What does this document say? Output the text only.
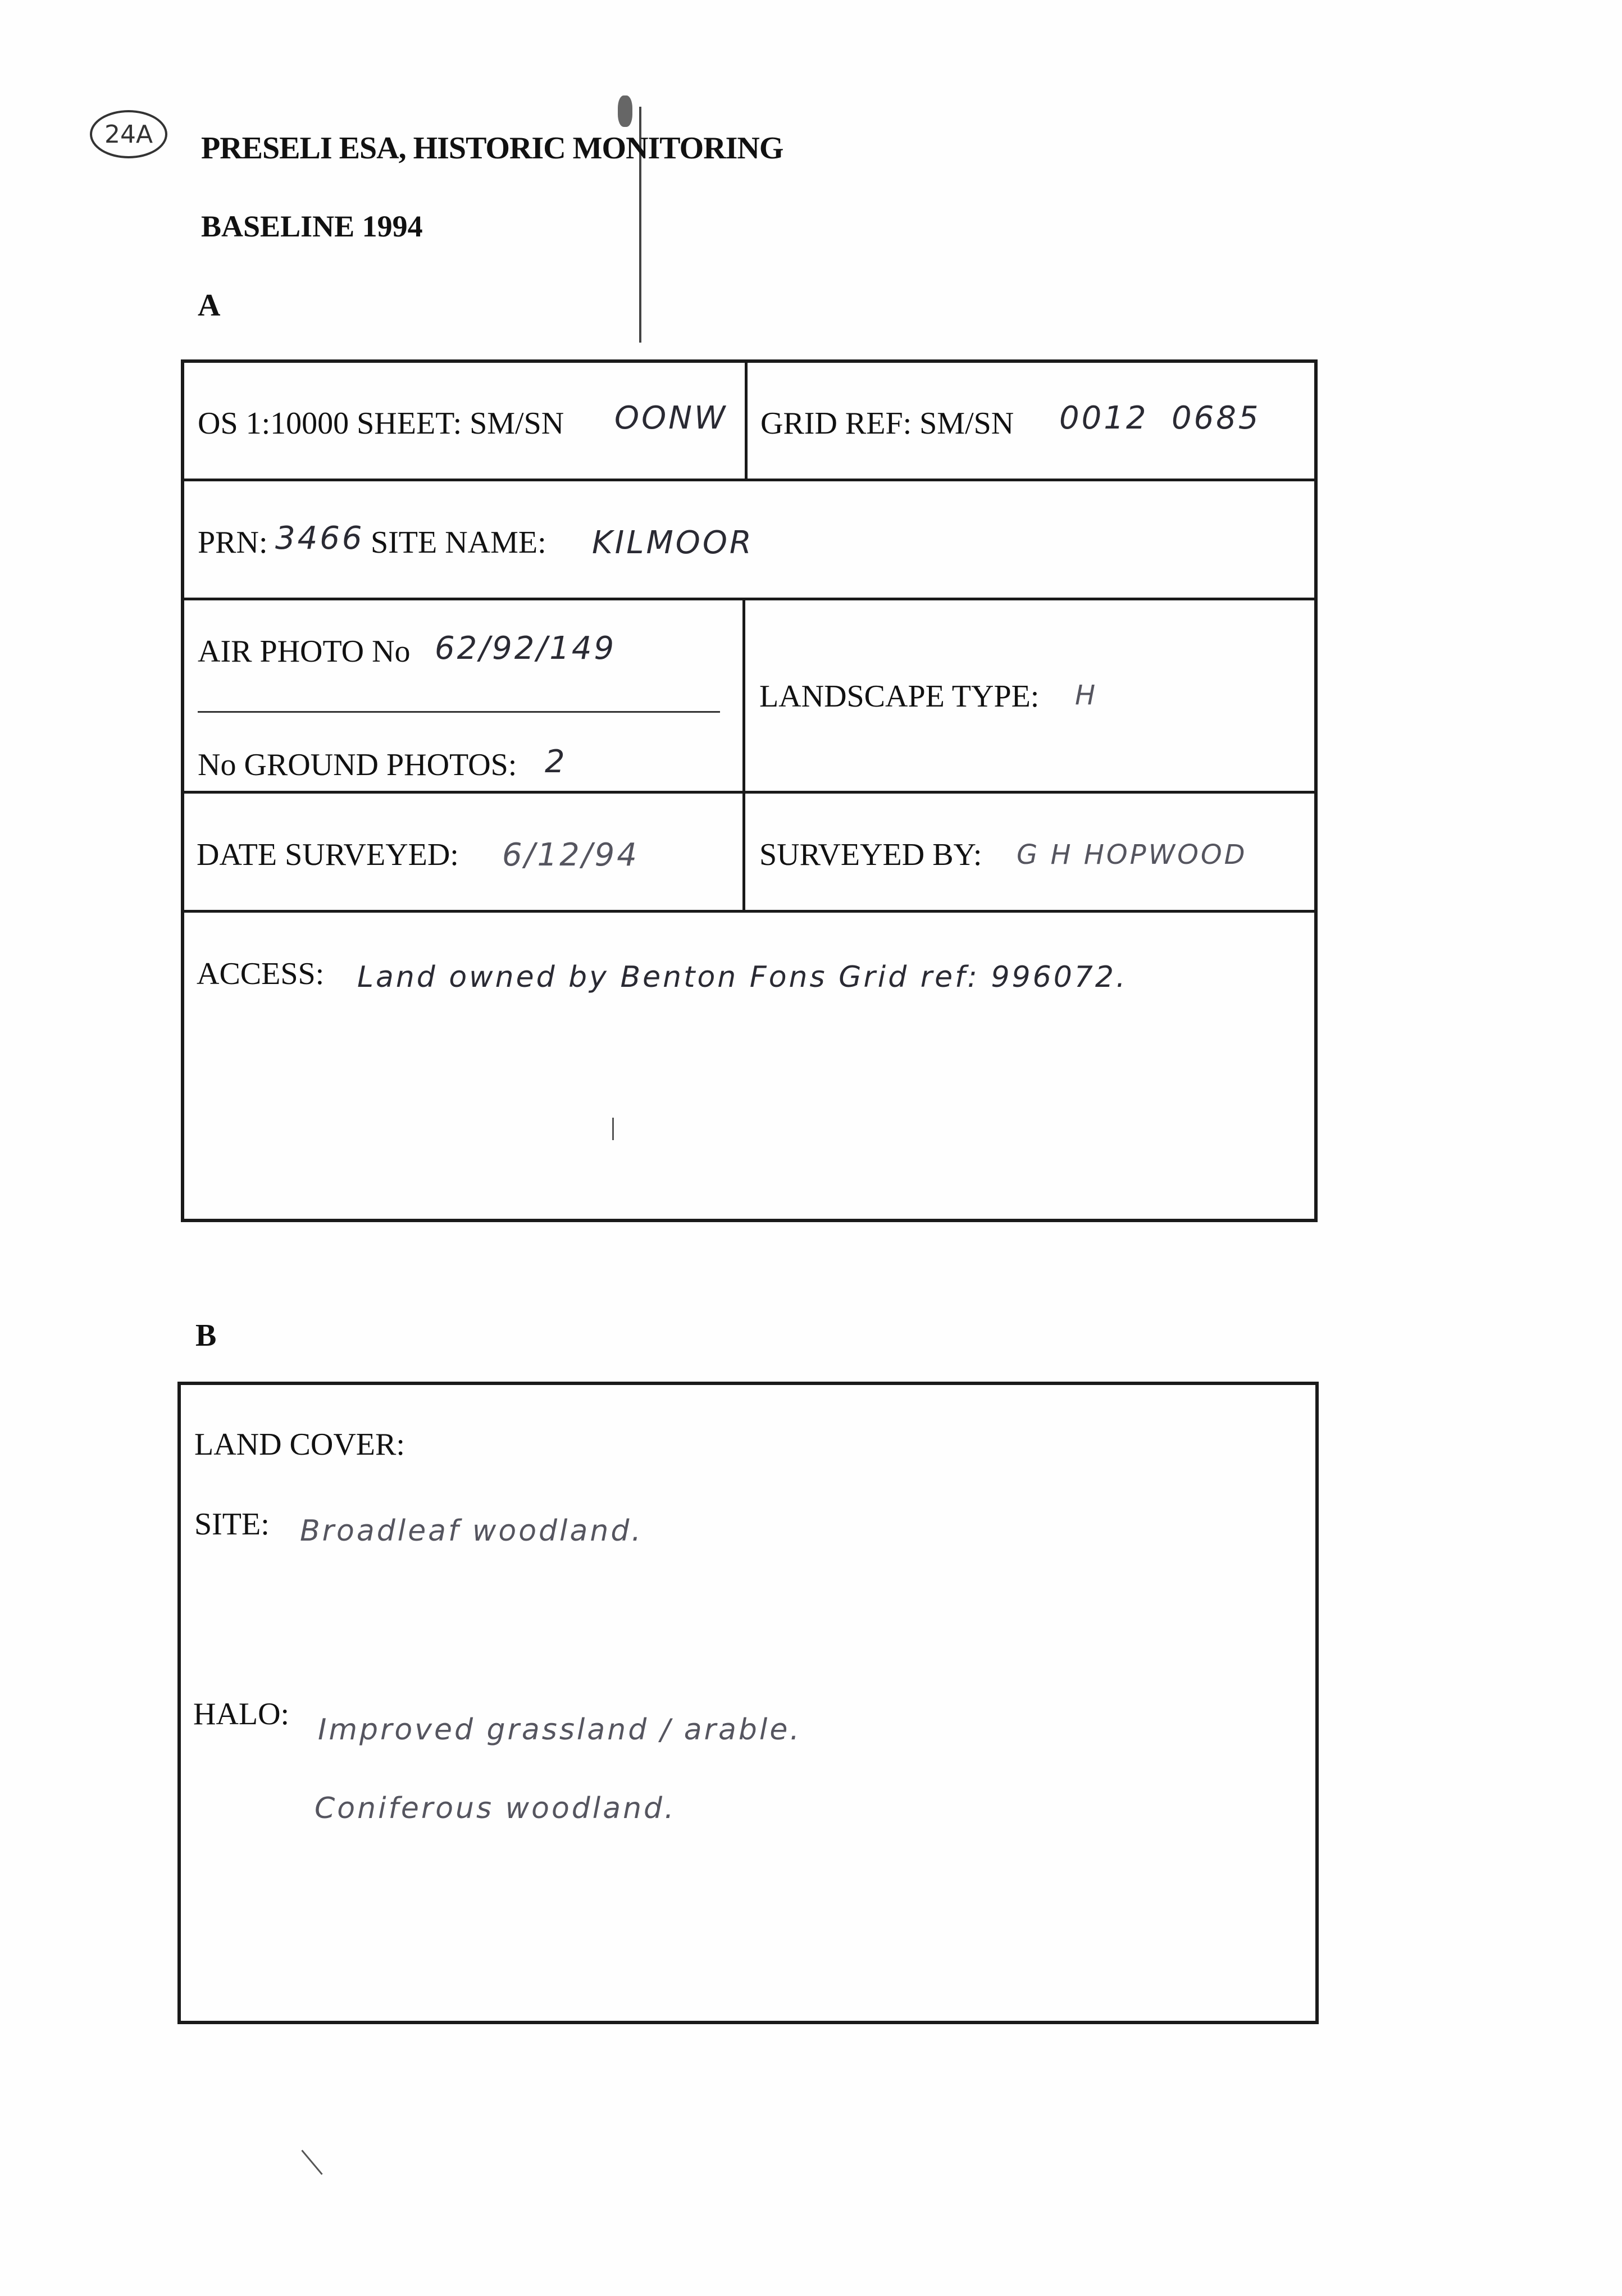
24A	PRESELI ESA, HISTORIC MONITORING
BASELINE 1994
A
OS 1:10000 SHEET: SM/SN OONW GRID REF: SM/SN 0012 0685
PRN: 3466 SITE NAME: KILMOOR
AIR PHOTO No 62/92/149
No GROUND PHOTOS: 2
LANDSCAPE TYPE: H
DATE SURVEYED: 6/12/94	SURVEYED BY: G H HOPWOOD
ACCESS: Land owned by Benton Fons Grid ref: 996072.
B
LAND COVER:
SITE: Broadleaf woodland.
HALO: Improved grassland / arable.
Coniferous woodland.
